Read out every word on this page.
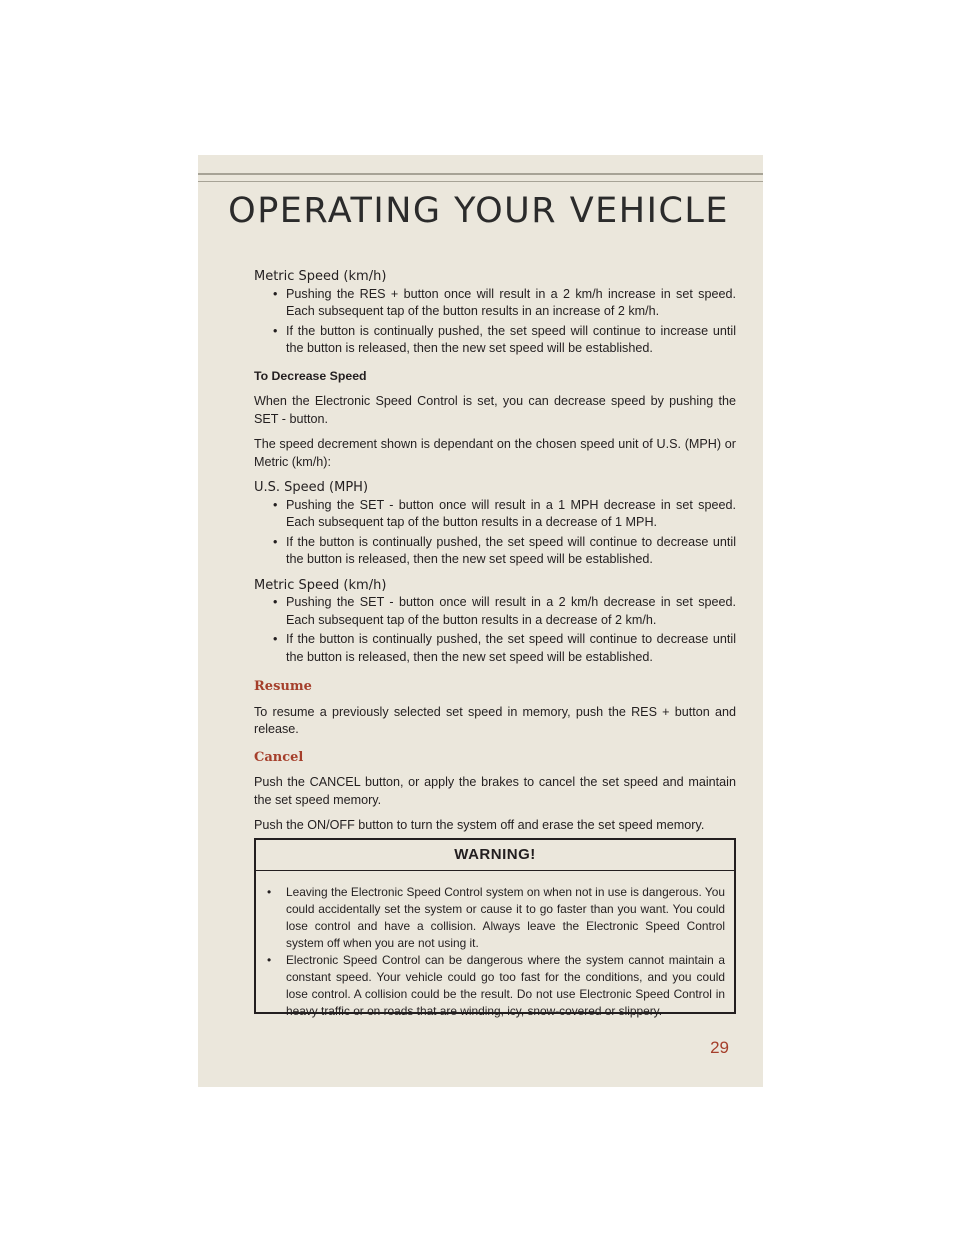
OPERATING YOUR VEHICLE

Metric Speed (km/h)

• Pushing the RES + button once will result in a 2 km/h increase in set speed. Each subsequent tap of the button results in an increase of 2 km/h.
• If the button is continually pushed, the set speed will continue to increase until the button is released, then the new set speed will be established.

To Decrease Speed

When the Electronic Speed Control is set, you can decrease speed by pushing the SET - button.

The speed decrement shown is dependant on the chosen speed unit of U.S. (MPH) or Metric (km/h):

U.S. Speed (MPH)

• Pushing the SET - button once will result in a 1 MPH decrease in set speed. Each subsequent tap of the button results in a decrease of 1 MPH.
• If the button is continually pushed, the set speed will continue to decrease until the button is released, then the new set speed will be established.

Metric Speed (km/h)

• Pushing the SET - button once will result in a 2 km/h decrease in set speed. Each subsequent tap of the button results in a decrease of 2 km/h.
• If the button is continually pushed, the set speed will continue to decrease until the button is released, then the new set speed will be established.

Resume

To resume a previously selected set speed in memory, push the RES + button and release.

Cancel

Push the CANCEL button, or apply the brakes to cancel the set speed and maintain the set speed memory.

Push the ON/OFF button to turn the system off and erase the set speed memory.

WARNING!
• Leaving the Electronic Speed Control system on when not in use is dangerous. You could accidentally set the system or cause it to go faster than you want. You could lose control and have a collision. Always leave the Electronic Speed Control system off when you are not using it.
• Electronic Speed Control can be dangerous where the system cannot maintain a constant speed. Your vehicle could go too fast for the conditions, and you could lose control. A collision could be the result. Do not use Electronic Speed Control in heavy traffic or on roads that are winding, icy, snow-covered or slippery.
29
